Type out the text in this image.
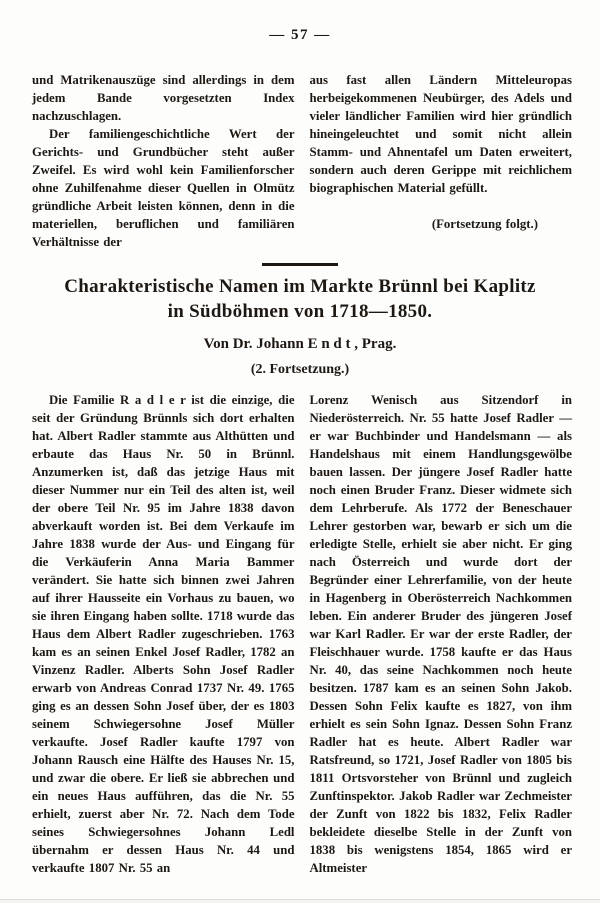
— 57 —

und Matrikenauszüge sind allerdings in dem jedem Bande vorgesetzten Index nachzuschlagen.

Der familiengeschichtliche Wert der Gerichts- und Grundbücher steht außer Zweifel. Es wird wohl kein Familienforscher ohne Zuhilfenahme dieser Quellen in Olmütz gründliche Arbeit leisten können, denn in die materiellen, beruflichen und familiären Verhältnisse der

aus fast allen Ländern Mitteleuropas herbeigekommenen Neubürger, des Adels und vieler ländlicher Familien wird hier gründlich hineingeleuchtet und somit nicht allein Stamm- und Ahnentafel um Daten erweitert, sondern auch deren Gerippe mit reichlichem biographischen Material gefüllt.

(Fortsetzung folgt.)

Charakteristische Namen im Markte Brünnl bei Kaplitz
in Südböhmen von 1718—1850.
Von Dr. Johann E n d t , Prag.
(2. Fortsetzung.)

Die Familie R a d l e r ist die einzige, die seit der Gründung Brünnls sich dort erhalten hat. Albert Radler stammte aus Althütten und erbaute das Haus Nr. 50 in Brünnl. Anzumerken ist, daß das jetzige Haus mit dieser Nummer nur ein Teil des alten ist, weil der obere Teil Nr. 95 im Jahre 1838 davon abverkauft worden ist. Bei dem Verkaufe im Jahre 1838 wurde der Aus- und Eingang für die Verkäuferin Anna Maria Bammer verändert. Sie hatte sich binnen zwei Jahren auf ihrer Hausseite ein Vorhaus zu bauen, wo sie ihren Eingang haben sollte. 1718 wurde das Haus dem Albert Radler zugeschrieben. 1763 kam es an seinen Enkel Josef Radler, 1782 an Vinzenz Radler. Alberts Sohn Josef Radler erwarb von Andreas Conrad 1737 Nr. 49. 1765 ging es an dessen Sohn Josef über, der es 1803 seinem Schwiegersohne Josef Müller verkaufte. Josef Radler kaufte 1797 von Johann Rausch eine Hälfte des Hauses Nr. 15, und zwar die obere. Er ließ sie abbrechen und ein neues Haus aufführen, das die Nr. 55 erhielt, zuerst aber Nr. 72. Nach dem Tode seines Schwiegersohnes Johann Ledl übernahm er dessen Haus Nr. 44 und verkaufte 1807 Nr. 55 an

Lorenz Wenisch aus Sitzendorf in Niederösterreich. Nr. 55 hatte Josef Radler — er war Buchbinder und Handelsmann — als Handelshaus mit einem Handlungsgewölbe bauen lassen. Der jüngere Josef Radler hatte noch einen Bruder Franz. Dieser widmete sich dem Lehrberufe. Als 1772 der Beneschauer Lehrer gestorben war, bewarb er sich um die erledigte Stelle, erhielt sie aber nicht. Er ging nach Österreich und wurde dort der Begründer einer Lehrerfamilie, von der heute in Hagenberg in Oberösterreich Nachkommen leben. Ein anderer Bruder des jüngeren Josef war Karl Radler. Er war der erste Radler, der Fleischhauer wurde. 1758 kaufte er das Haus Nr. 40, das seine Nachkommen noch heute besitzen. 1787 kam es an seinen Sohn Jakob. Dessen Sohn Felix kaufte es 1827, von ihm erhielt es sein Sohn Ignaz. Dessen Sohn Franz Radler hat es heute. Albert Radler war Ratsfreund, so 1721, Josef Radler von 1805 bis 1811 Ortsvorsteher von Brünnl und zugleich Zunftinspektor. Jakob Radler war Zechmeister der Zunft von 1822 bis 1832, Felix Radler bekleidete dieselbe Stelle in der Zunft von 1838 bis wenigstens 1854, 1865 wird er Altmeister
